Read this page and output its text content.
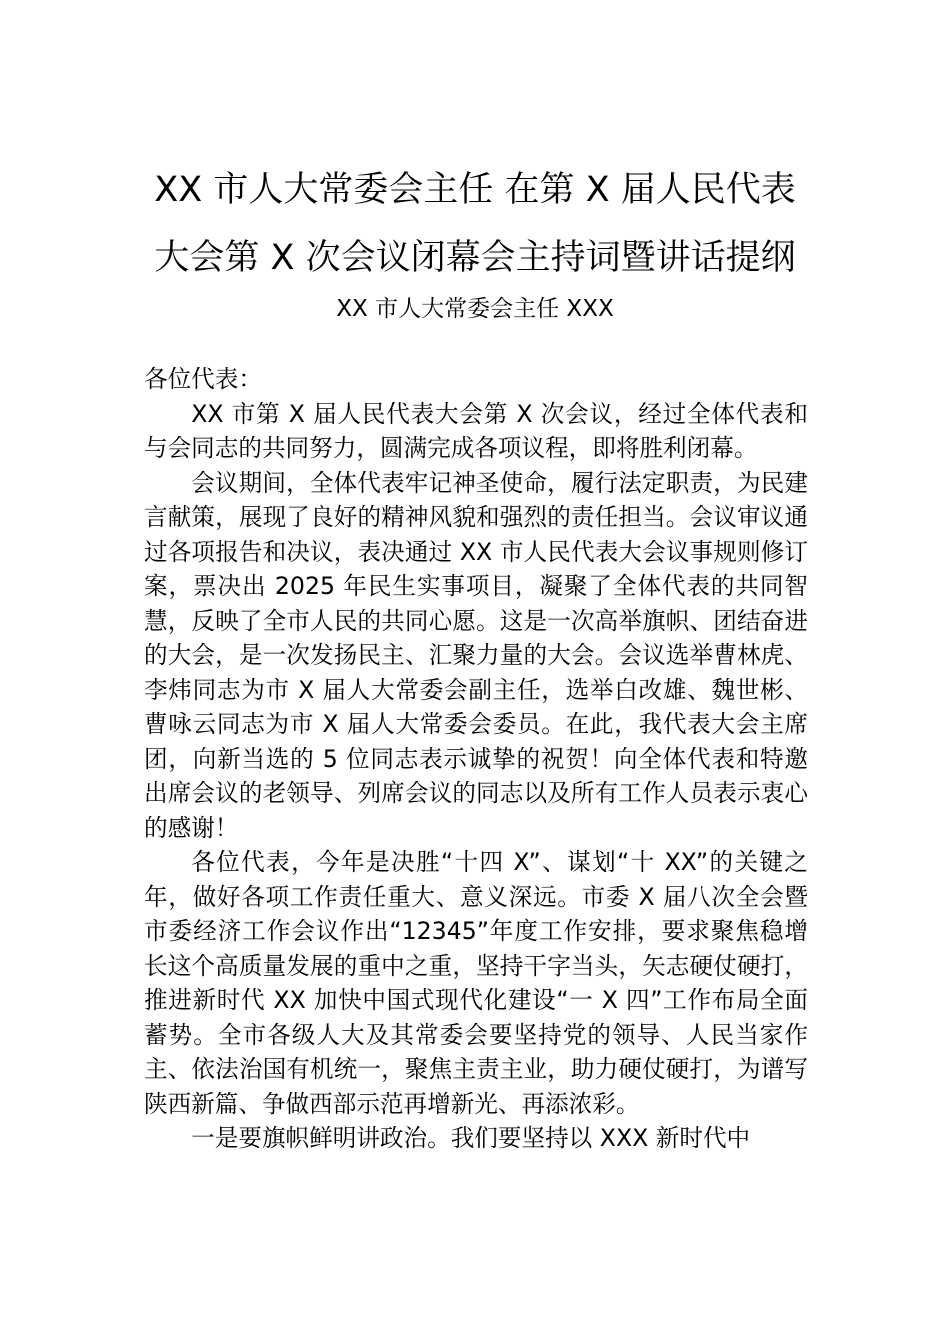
XX 市人大常委会主任 在第 X 届人民代表
大会第 X 次会议闭幕会主持词暨讲话提纲
XX 市人大常委会主任 XXX

各位代表：

XX 市第 X 届人民代表大会第 X 次会议，经过全体代表和与会同志的共同努力，圆满完成各项议程，即将胜利闭幕。

会议期间，全体代表牢记神圣使命，履行法定职责，为民建言献策，展现了良好的精神风貌和强烈的责任担当。会议审议通过各项报告和决议，表决通过 XX 市人民代表大会议事规则修订案，票决出 2025 年民生实事项目，凝聚了全体代表的共同智慧，反映了全市人民的共同心愿。这是一次高举旗帜、团结奋进的大会，是一次发扬民主、汇聚力量的大会。会议选举曹林虎、李炜同志为市 X 届人大常委会副主任，选举白改雄、魏世彬、曹咏云同志为市 X 届人大常委会委员。在此，我代表大会主席团，向新当选的 5 位同志表示诚挚的祝贺！向全体代表和特邀出席会议的老领导、列席会议的同志以及所有工作人员表示衷心的感谢！

各位代表，今年是决胜“十四 X”、谋划“十 XX”的关键之年，做好各项工作责任重大、意义深远。市委 X 届八次全会暨市委经济工作会议作出“12345”年度工作安排，要求聚焦稳增长这个高质量发展的重中之重，坚持干字当头，矢志硬仗硬打，推进新时代 XX 加快中国式现代化建设“一 X 四”工作布局全面蓄势。全市各级人大及其常委会要坚持党的领导、人民当家作主、依法治国有机统一，聚焦主责主业，助力硬仗硬打，为谱写陕西新篇、争做西部示范再增新光、再添浓彩。

一是要旗帜鲜明讲政治。我们要坚持以 XXX 新时代中
